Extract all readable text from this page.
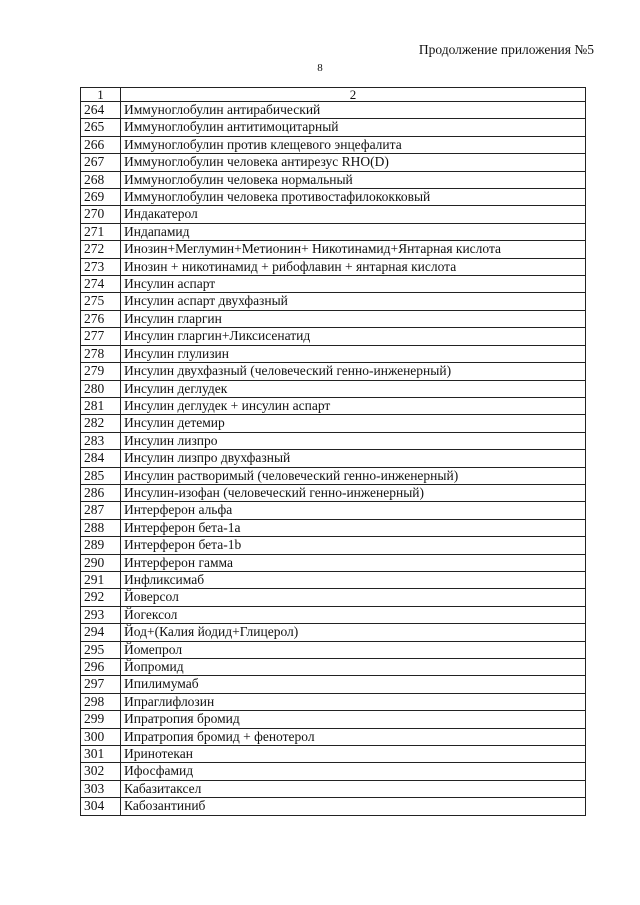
Продолжение приложения №5
8
1	2
264	Иммуноглобулин антирабический
265	Иммуноглобулин антитимоцитарный
266	Иммуноглобулин против клещевого энцефалита
267	Иммуноглобулин человека антирезус RHO(D)
268	Иммуноглобулин человека нормальный
269	Иммуноглобулин человека противостафилококковый
270	Индакатерол
271	Индапамид
272	Инозин+Меглумин+Метионин+ Никотинамид+Янтарная кислота
273	Инозин + никотинамид + рибофлавин + янтарная кислота
274	Инсулин аспарт
275	Инсулин аспарт двухфазный
276	Инсулин гларгин
277	Инсулин гларгин+Ликсисенатид
278	Инсулин глулизин
279	Инсулин двухфазный (человеческий генно-инженерный)
280	Инсулин деглудек
281	Инсулин деглудек + инсулин аспарт
282	Инсулин детемир
283	Инсулин лизпро
284	Инсулин лизпро двухфазный
285	Инсулин растворимый (человеческий генно-инженерный)
286	Инсулин-изофан (человеческий генно-инженерный)
287	Интерферон альфа
288	Интерферон бета-1a
289	Интерферон бета-1b
290	Интерферон гамма
291	Инфликсимаб
292	Йоверсол
293	Йогексол
294	Йод+(Калия йодид+Глицерол)
295	Йомепрол
296	Йопромид
297	Ипилимумаб
298	Ипраглифлозин
299	Ипратропия бромид
300	Ипратропия бромид + фенотерол
301	Иринотекан
302	Ифосфамид
303	Кабазитаксел
304	Кабозантиниб
